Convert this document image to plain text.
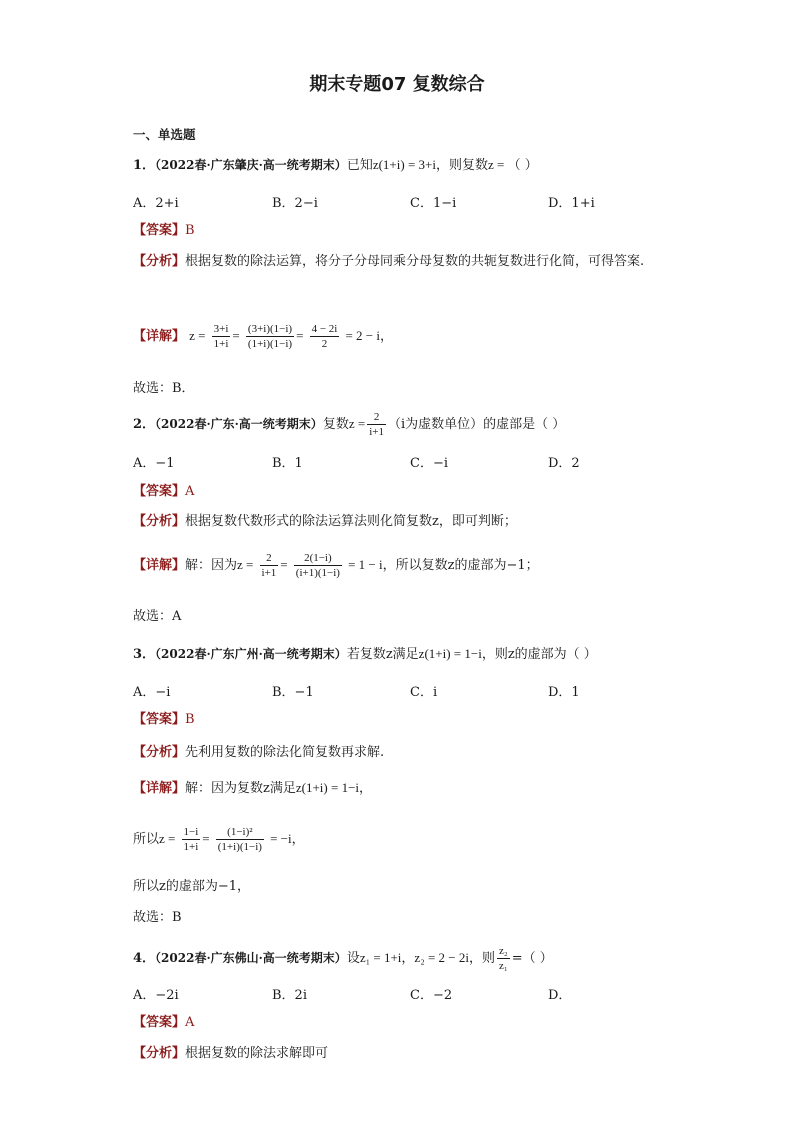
期末专题07 复数综合
一、单选题
1．（2022春·广东肇庆·高一统考期末）已知z(1+i) = 3+i，则复数z = （ ）
A．2+i	B．2−i	C．1−i	D．1+i
【答案】B
【分析】根据复数的除法运算，将分子分母同乘分母复数的共轭复数进行化简，可得答案.
【详解】 $z = \frac{3+i}{1+i} = \frac{(3+i)(1-i)}{(1+i)(1-i)} = \frac{4 - 2i}{2} = 2 - i$，
故选：B．
2．（2022春·广东·高一统考期末）复数$z = \frac{2}{i+1} (i$为虚数单位）的虚部是（ ）
A．−1	B．1	C．−i	D．2
【答案】A
【分析】根据复数代数形式的除法运算法则化简复数z，即可判断；
【详解】解：因为$z = \frac{2}{i+1} = \frac{2(1-i)}{(i+1)(1-i)} = 1 - i$，所以复数z的虚部为−1；
故选：A
3．（2022春·广东广州·高一统考期末）若复数z满足z(1+i) = 1−i，则z的虚部为（ ）
A．−i	B．−1	C．i	D．1
【答案】B
【分析】先利用复数的除法化简复数再求解.
【详解】解：因为复数z满足z(1+i) = 1−i，
所以$z = \frac{1-i}{1+i} = \frac{\text{(1−i)²}}{(1+i)(1-i)} = -i$，
所以z的虚部为−1，
故选：B
4．（2022春·广东佛山·高一统考期末）设z₁ = 1+i，z₂ = 2 − 2i，则 $\frac{\text{z₂}}{\text{z₁}}$ =（ ）
A．−2i	B．2i	C．−2	D．
【答案】A
【分析】根据复数的除法求解即可
